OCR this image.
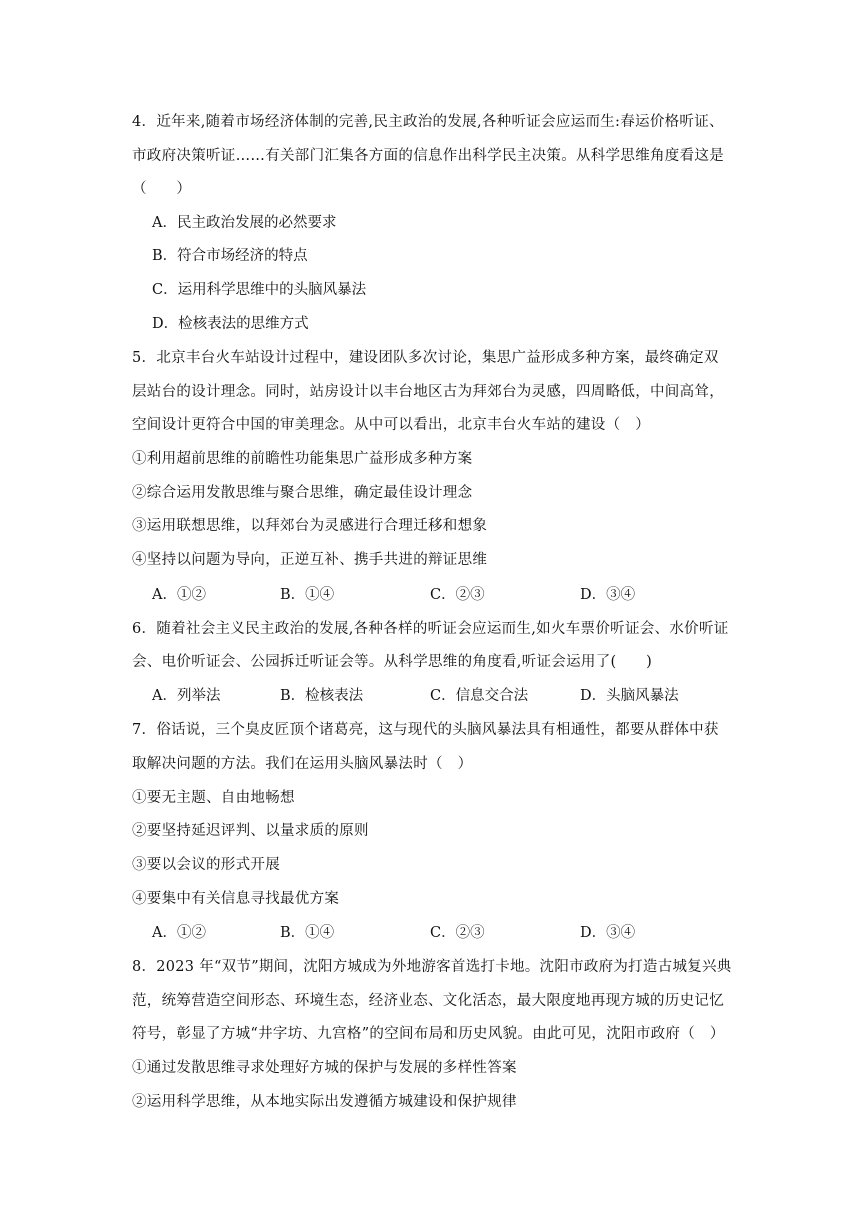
4．近年来,随着市场经济体制的完善,民主政治的发展,各种听证会应运而生:春运价格听证、
市政府决策听证……有关部门汇集各方面的信息作出科学民主决策。从科学思维角度看这是
（　　）
A．民主政治发展的必然要求
B．符合市场经济的特点
C．运用科学思维中的头脑风暴法
D．检核表法的思维方式
5．北京丰台火车站设计过程中，建设团队多次讨论，集思广益形成多种方案，最终确定双
层站台的设计理念。同时，站房设计以丰台地区古为拜郊台为灵感，四周略低，中间高耸，
空间设计更符合中国的审美理念。从中可以看出，北京丰台火车站的建设（　）
①利用超前思维的前瞻性功能集思广益形成多种方案
②综合运用发散思维与聚合思维，确定最佳设计理念
③运用联想思维，以拜郊台为灵感进行合理迁移和想象
④坚持以问题为导向，正逆互补、携手共进的辩证思维
A．①②	B．①④	C．②③	D．③④
6．随着社会主义民主政治的发展,各种各样的听证会应运而生,如火车票价听证会、水价听证
会、电价听证会、公园拆迁听证会等。从科学思维的角度看,听证会运用了(　　)
A．列举法	B．检核表法	C．信息交合法	D．头脑风暴法
7．俗话说，三个臭皮匠顶个诸葛亮，这与现代的头脑风暴法具有相通性，都要从群体中获
取解决问题的方法。我们在运用头脑风暴法时（　）
①要无主题、自由地畅想
②要坚持延迟评判、以量求质的原则
③要以会议的形式开展
④要集中有关信息寻找最优方案
A．①②	B．①④	C．②③	D．③④
8．2023 年“双节”期间，沈阳方城成为外地游客首选打卡地。沈阳市政府为打造古城复兴典
范，统筹营造空间形态、环境生态，经济业态、文化活态，最大限度地再现方城的历史记忆
符号，彰显了方城“井字坊、九宫格”的空间布局和历史风貌。由此可见，沈阳市政府（　）
①通过发散思维寻求处理好方城的保护与发展的多样性答案
②运用科学思维，从本地实际出发遵循方城建设和保护规律
